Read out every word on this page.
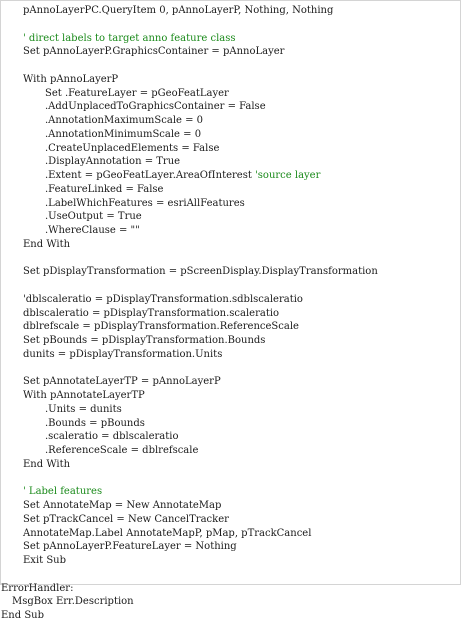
pAnnoLayerPC.QueryItem 0, pAnnoLayerP, Nothing, Nothing
' direct labels to target anno feature class
Set pAnnoLayerP.GraphicsContainer = pAnnoLayer
With pAnnoLayerP
Set .FeatureLayer = pGeoFeatLayer
.AddUnplacedToGraphicsContainer = False
.AnnotationMaximumScale = 0
.AnnotationMinimumScale = 0
.CreateUnplacedElements = False
.DisplayAnnotation = True
.Extent = pGeoFeatLayer.AreaOfInterest 'source layer
.FeatureLinked = False
.LabelWhichFeatures = esriAllFeatures
.UseOutput = True
.WhereClause = ""
End With
Set pDisplayTransformation = pScreenDisplay.DisplayTransformation
'dblscaleratio = pDisplayTransformation.sdblscaleratio
dblscaleratio = pDisplayTransformation.scaleratio
dblrefscale = pDisplayTransformation.ReferenceScale
Set pBounds = pDisplayTransformation.Bounds
dunits = pDisplayTransformation.Units
Set pAnnotateLayerTP = pAnnoLayerP
With pAnnotateLayerTP
.Units = dunits
.Bounds = pBounds
.scaleratio = dblscaleratio
.ReferenceScale = dblrefscale
End With
' Label features
Set AnnotateMap = New AnnotateMap
Set pTrackCancel = New CancelTracker
AnnotateMap.Label AnnotateMapP, pMap, pTrackCancel
Set pAnnoLayerP.FeatureLayer = Nothing
Exit Sub
ErrorHandler:
MsgBox Err.Description
End Sub
